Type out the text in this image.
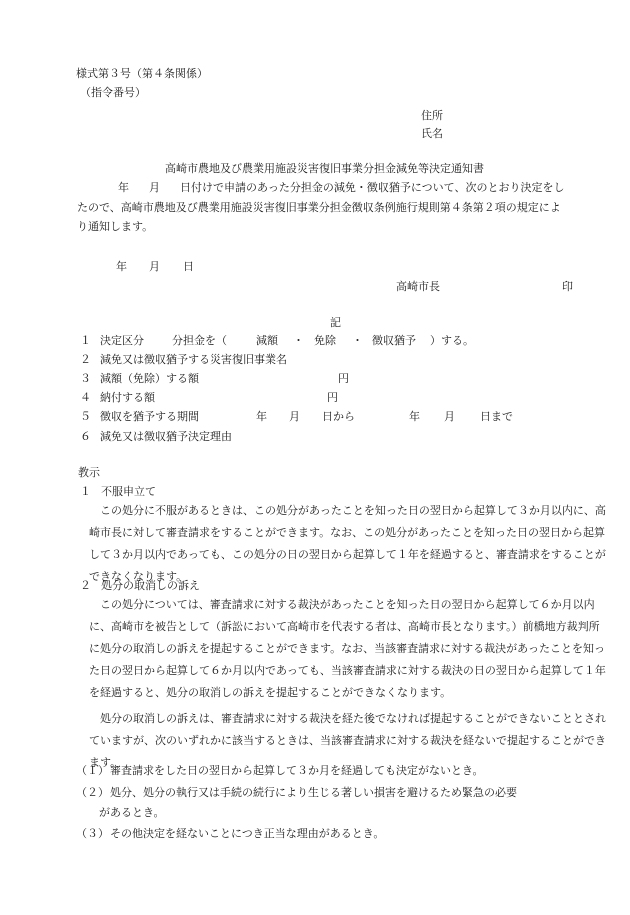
様式第３号（第４条関係）
（指令番号）
住所
氏名
高崎市農地及び農業用施設災害復旧事業分担金減免等決定通知書
年 月 日付けで申請のあった分担金の減免・徴収猶予について、次のとおり決定をし
たので、高崎市農地及び農業用施設災害復旧事業分担金徴収条例施行規則第４条第２項の規定によ
り通知します。
年 月 日
高崎市長	印
記
１ 決定区分	分担金を（	減額 ・ 免除 ・ 徴収猶予 ）する。
２ 減免又は徴収猶予する災害復旧事業名
３ 減額（免除）する額	円
４ 納付する額	円
５ 徴収を猶予する期間	年 月 日から	年 月 日まで
６ 減免又は徴収猶予決定理由
教示
１ 不服申立て
この処分に不服があるときは、この処分があったことを知った日の翌日から起算して３か月以内に、高崎市長に対して審査請求をすることができます。なお、この処分があったことを知った日の翌日から起算して３か月以内であっても、この処分の日の翌日から起算して１年を経過すると、審査請求をすることができなくなります。
２ 処分の取消しの訴え
この処分については、審査請求に対する裁決があったことを知った日の翌日から起算して６か月以内に、高崎市を被告として（訴訟において高崎市を代表する者は、高崎市長となります。）前橋地方裁判所に処分の取消しの訴えを提起することができます。なお、当該審査請求に対する裁決があったことを知った日の翌日から起算して６か月以内であっても、当該審査請求に対する裁決の日の翌日から起算して１年を経過すると、処分の取消しの訴えを提起することができなくなります。
処分の取消しの訴えは、審査請求に対する裁決を経た後でなければ提起することができないこととされていますが、次のいずれかに該当するときは、当該審査請求に対する裁決を経ないで提起することができます。
（１） 審査請求をした日の翌日から起算して３か月を経過しても決定がないとき。
（２） 処分、処分の執行又は手続の続行により生じる著しい損害を避けるため緊急の必要
があるとき。
（３） その他決定を経ないことにつき正当な理由があるとき。
